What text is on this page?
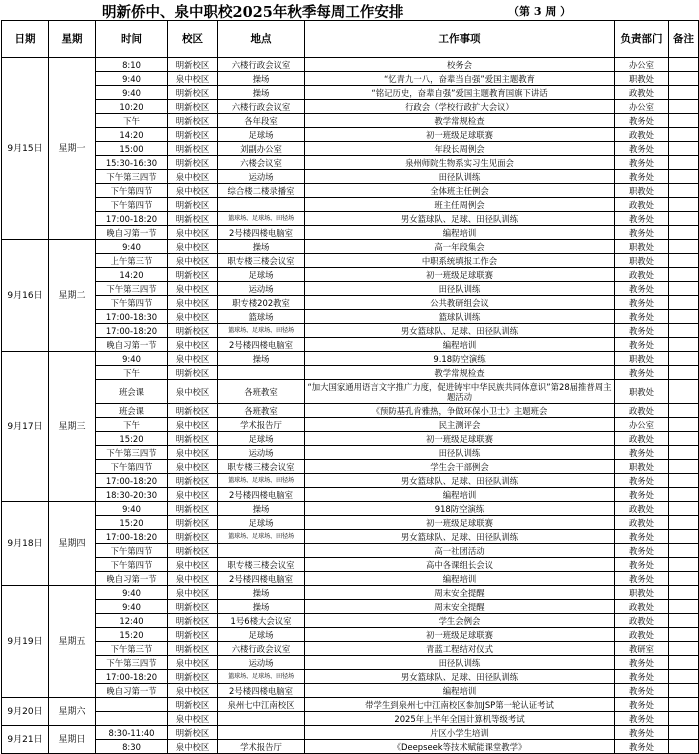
明新侨中、泉中职校2025年秋季每周工作安排	（第 3 周 ）
日期	星期	时间	校区	地点	工作事项	负责部门	备注
9月15日	星期一	8:10	明新校区	六楼行政会议室	校务会	办公室	
		9:40	泉中校区	操场	“忆青九一八，奋辈当自强”爱国主题教育	职教处	
		9:40	明新校区	操场	“铭记历史，奋辈自强”爱国主题教育国旗下讲话	政教处	
		10:20	明新校区	六楼行政会议室	行政会（学校行政扩大会议）	办公室	
		下午	明新校区	各年段室	教学常规检查	教务处	
		14:20	明新校区	足球场	初一班级足球联赛	政教处	
		15:00	明新校区	刘副办公室	年段长周例会	教务处	
		15:30-16:30	明新校区	六楼会议室	泉州师院生物系实习生见面会	教务处	
		下午第三四节	泉中校区	运动场	田径队训练	教务处	
		下午第四节	泉中校区	综合楼二楼录播室	全体班主任例会	职教处	
		下午第四节	明新校区		班主任周例会	政教处	
		17:00-18:20	明新校区	篮球场、足球场、田径场	男女篮球队、足球、田径队训练	教务处	
		晚自习第一节	泉中校区	2号楼四楼电脑室	编程培训	教务处	
9月16日	星期二	9:40	泉中校区	操场	高一年段集会	职教处	
		上午第三节	泉中校区	职专楼三楼会议室	中职系统填报工作会	职教处	
		14:20	明新校区	足球场	初一班级足球联赛	政教处	
		下午第三四节	泉中校区	运动场	田径队训练	教务处	
		下午第四节	泉中校区	职专楼202教室	公共教研组会议	教务处	
		17:00-18:30	泉中校区	篮球场	篮球队训练	教务处	
		17:00-18:20	明新校区	篮球场、足球场、田径场	男女篮球队、足球、田径队训练	教务处	
		晚自习第一节	泉中校区	2号楼四楼电脑室	编程培训	教务处	
9月17日	星期三	9:40	泉中校区	操场	9.18防空演练	职教处	
		下午	明新校区		教学常规检查	教务处	
		班会课	泉中校区	各班教室	“加大国家通用语言文字推广力度，促进铸牢中华民族共同体意识”第28届推普周主题活动	职教处	
		班会课	明新校区	各班教室	《预防基孔肯雅热，争做环保小卫士》主题班会	政教处	
		下午	泉中校区	学术报告厅	民主测评会	办公室	
		15:20	明新校区	足球场	初一班级足球联赛	政教处	
		下午第三四节	泉中校区	运动场	田径队训练	教务处	
		下午第四节	泉中校区	职专楼三楼会议室	学生会干部例会	职教处	
		17:00-18:20	明新校区	篮球场、足球场、田径场	男女篮球队、足球、田径队训练	教务处	
		18:30-20:30	泉中校区	2号楼四楼电脑室	编程培训	教务处	
9月18日	星期四	9:40	明新校区	操场	918防空演练	政教处	
		15:20	明新校区	足球场	初一班级足球联赛	政教处	
		17:00-18:20	明新校区	篮球场、足球场、田径场	男女篮球队、足球、田径队训练	教务处	
		下午第四节	明新校区		高一社团活动	教务处	
		下午第四节	泉中校区	职专楼三楼会议室	高中各课组长会议	教务处	
		晚自习第一节	泉中校区	2号楼四楼电脑室	编程培训	教务处	
9月19日	星期五	9:40	泉中校区	操场	周末安全提醒	职教处	
		9:40	明新校区	操场	周末安全提醒	政教处	
		12:40	明新校区	1号6楼大会议室	学生会例会	政教处	
		15:20	明新校区	足球场	初一班级足球联赛	政教处	
		下午第三节	明新校区	六楼行政会议室	青蓝工程结对仪式	教研室	
		下午第三四节	泉中校区	运动场	田径队训练	教务处	
		17:00-18:20	明新校区	篮球场、足球场、田径场	男女篮球队、足球、田径队训练	教务处	
		晚自习第一节	泉中校区	2号楼四楼电脑室	编程培训	教务处	
9月20日	星期六		明新校区	泉州七中江南校区	带学生到泉州七中江南校区参加JSP第一轮认证考试	教务处	
			泉中校区		2025年上半年全国计算机等级考试	教务处	
9月21日	星期日	8:30-11:40	明新校区		片区小学生培训	教务处	
		8:30	泉中校区	学术报告厅	《Deepseek等技术赋能课堂教学》	教务处	
